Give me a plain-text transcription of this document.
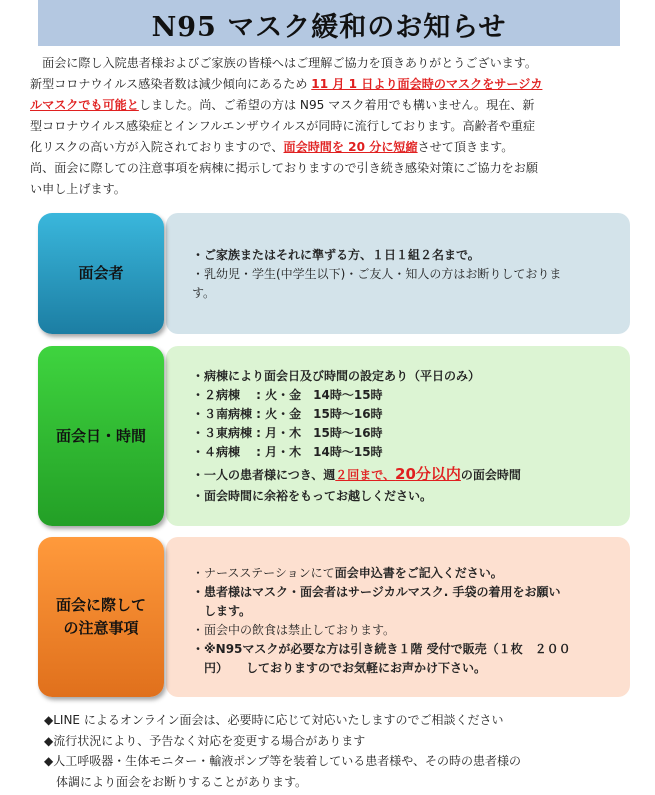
N95 マスク緩和のお知らせ

　面会に際し入院患者様およびご家族の皆様へはご理解ご協力を頂きありがとうございます。

新型コロナウイルス感染者数は減少傾向にあるため 11 月 1 日より面会時のマスクをサージカ

ルマスクでも可能としました。尚、ご希望の方は N95 マスク着用でも構いません。現在、新

型コロナウイルス感染症とインフルエンザウイルスが同時に流行しております。高齢者や重症

化リスクの高い方が入院されておりますので、面会時間を 20 分に短縮させて頂きます。

尚、面会に際しての注意事項を病棟に掲示しておりますので引き続き感染対策にご協力をお願

い申し上げます。

面会者
・ご家族またはそれに準ずる方、１日１組２名まで。
・乳幼児・学生(中学生以下)・ご友人・知人の方はお断りしておりま
す。
面会日・時間
・病棟により面会日及び時間の設定あり（平日のみ）
・２病棟　 : 火・金　14時～15時
・３南病棟 : 火・金　15時～16時
・３東病棟 : 月・木　15時～16時
・４病棟　 : 月・木　14時～15時
・一人の患者様につき、週２回まで、20分以内の面会時間
・面会時間に余裕をもってお越しください。
面会に際して
の注意事項
・ナースステーションにて面会申込書をご記入ください。
・患者様はマスク・面会者はサージカルマスク. 手袋の着用をお願い
　します。
・面会中の飲食は禁止しております。
・※N95マスクが必要な方は引き続き１階 受付で販売（１枚　２００
　円）　　しておりますのでお気軽にお声かけ下さい。
◆LINE によるオンライン面会は、必要時に応じて対応いたしますのでご相談ください
◆流行状況により、予告なく対応を変更する場合があります
◆人工呼吸器・生体モニター・輸液ポンプ等を装着している患者様や、その時の患者様の
　体調により面会をお断りすることがあります。
